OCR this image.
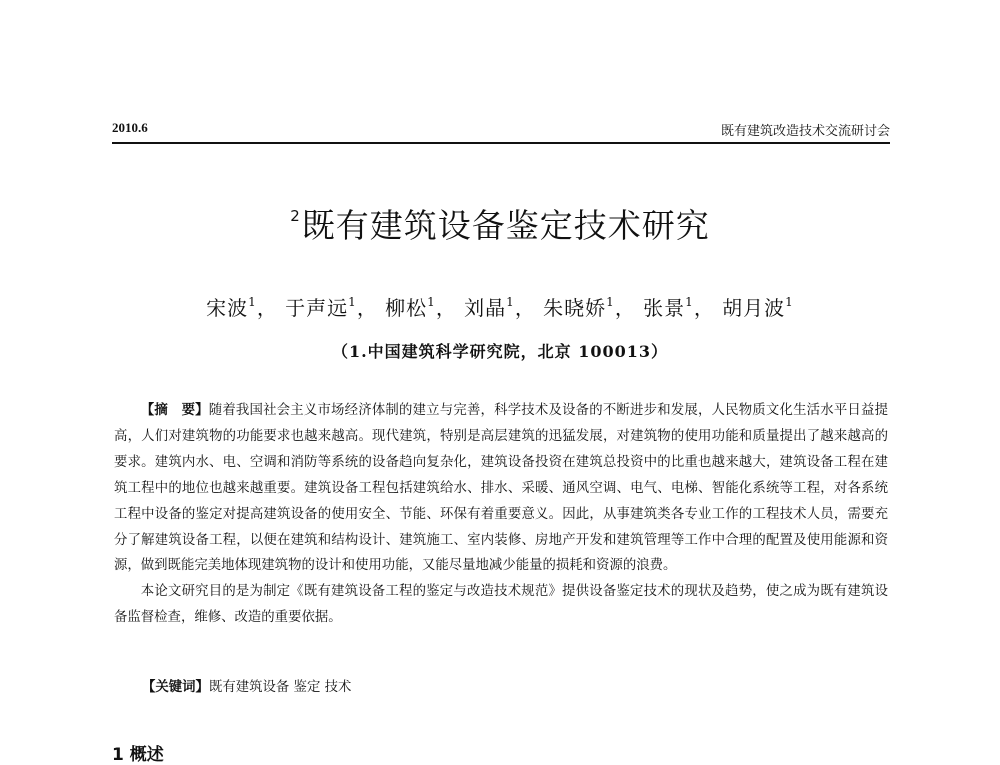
2010.6	既有建筑改造技术交流研讨会
$^2$既有建筑设备鉴定技术研究
宋波$^1$， 于声远$^1$， 柳松$^1$， 刘晶$^1$， 朱晓娇$^1$， 张景$^1$， 胡月波$^1$
（1.中国建筑科学研究院，北京 100013）

【摘　要】随着我国社会主义市场经济体制的建立与完善，科学技术及设备的不断进步和发展，人民物质文化生活水平日益提高，人们对建筑物的功能要求也越来越高。现代建筑，特别是高层建筑的迅猛发展，对建筑物的使用功能和质量提出了越来越高的要求。建筑内水、电、空调和消防等系统的设备趋向复杂化，建筑设备投资在建筑总投资中的比重也越来越大，建筑设备工程在建筑工程中的地位也越来越重要。建筑设备工程包括建筑给水、排水、采暖、通风空调、电气、电梯、智能化系统等工程，对各系统工程中设备的鉴定对提高建筑设备的使用安全、节能、环保有着重要意义。因此，从事建筑类各专业工作的工程技术人员，需要充分了解建筑设备工程，以便在建筑和结构设计、建筑施工、室内装修、房地产开发和建筑管理等工作中合理的配置及使用能源和资源，做到既能完美地体现建筑物的设计和使用功能，又能尽量地减少能量的损耗和资源的浪费。

本论文研究目的是为制定《既有建筑设备工程的鉴定与改造技术规范》提供设备鉴定技术的现状及趋势，使之成为既有建筑设备监督检查，维修、改造的重要依据。

【关键词】既有建筑设备 鉴定 技术
1 概述
